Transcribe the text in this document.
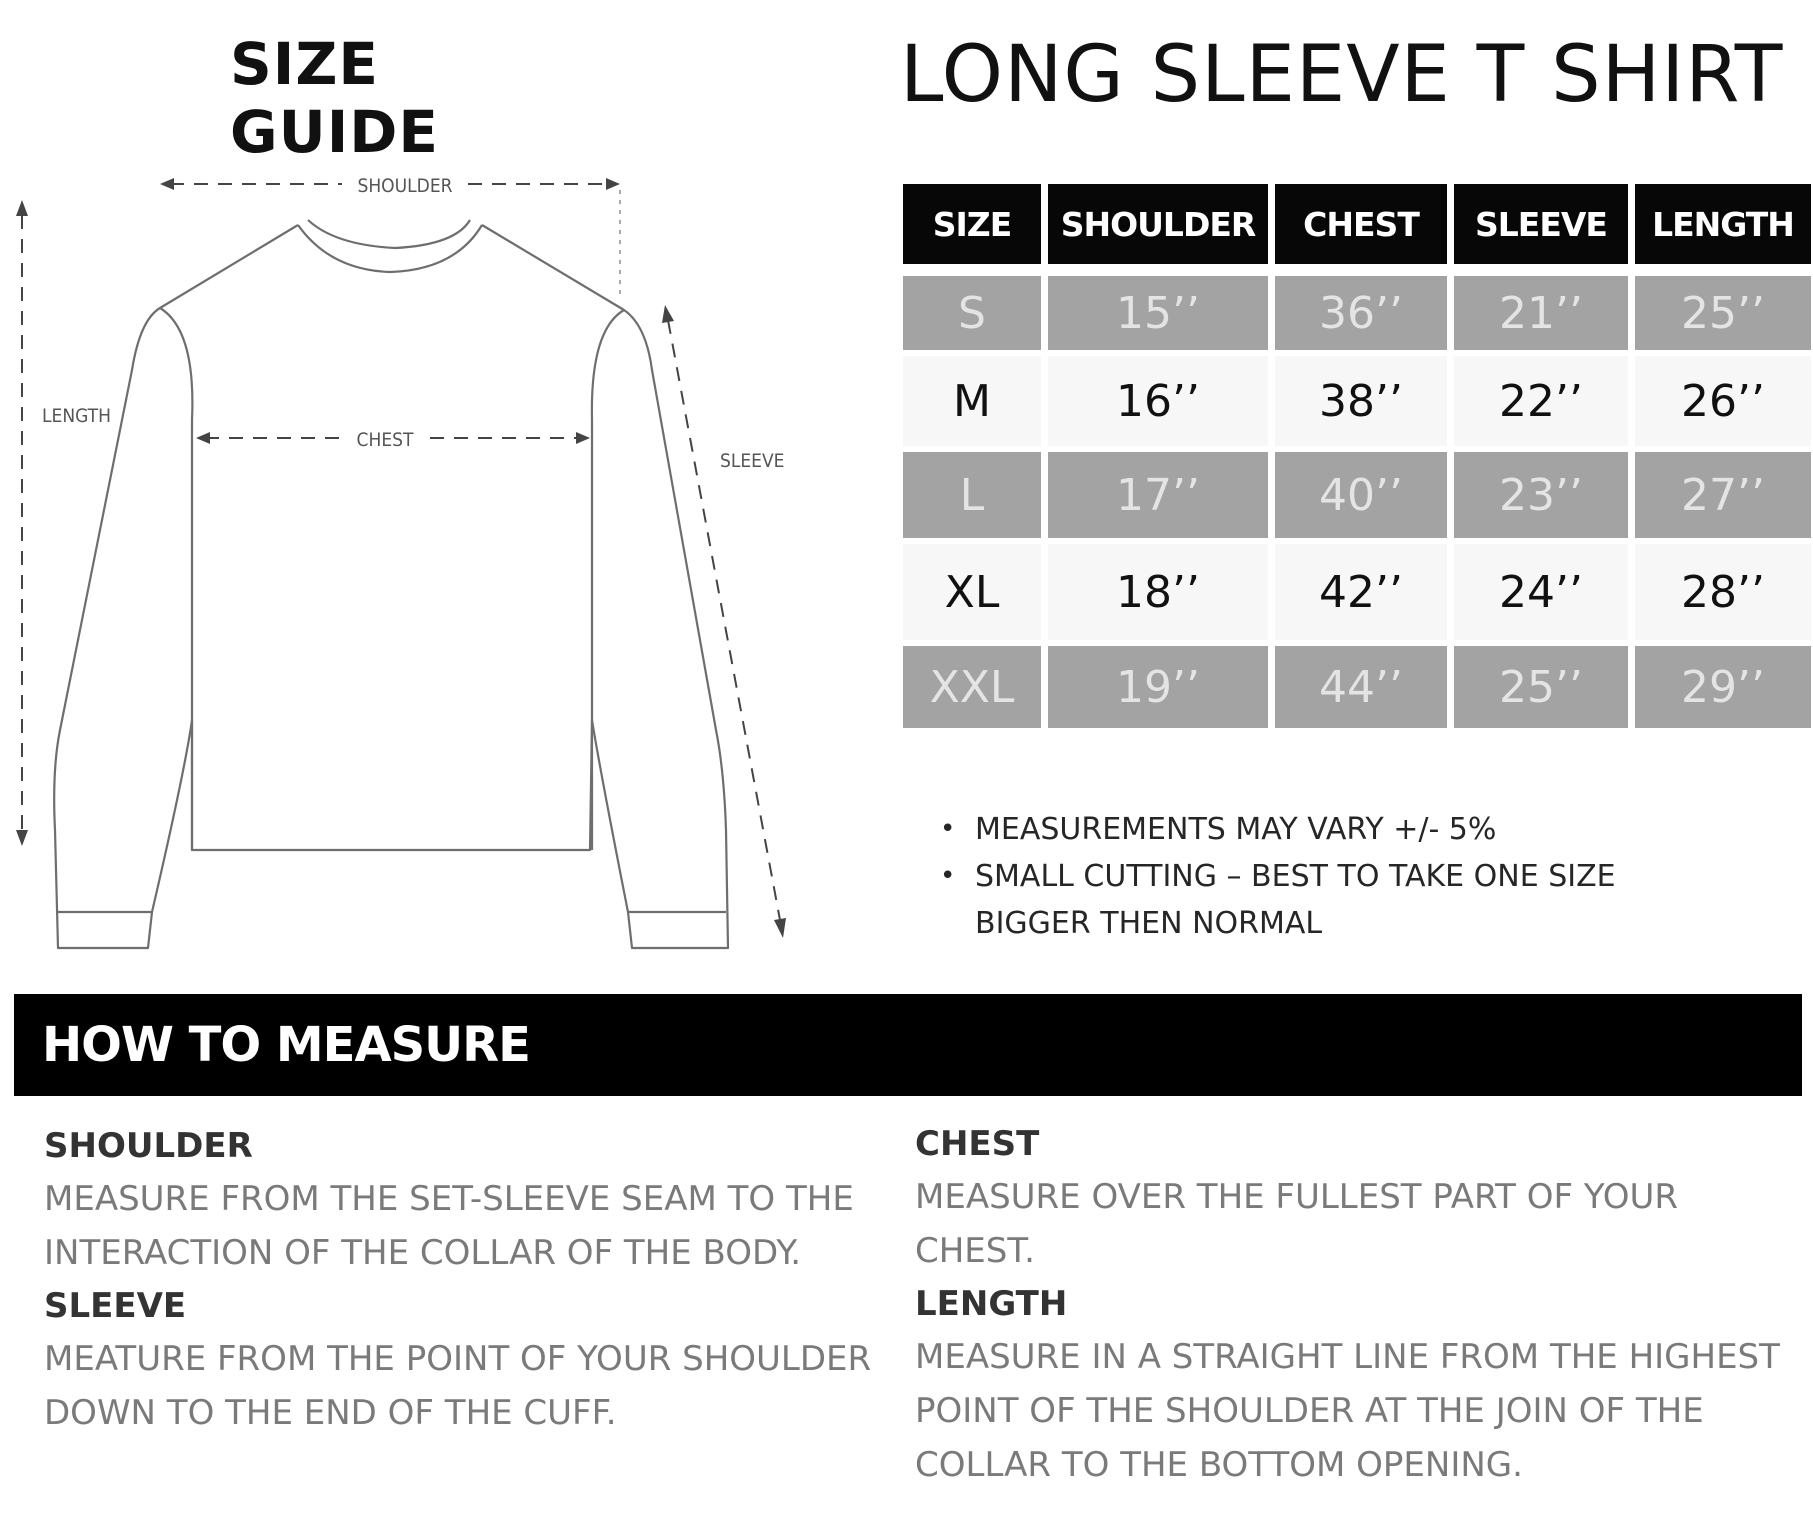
SIZE GUIDE
LONG SLEEVE T SHIRT
SHOULDER
CHEST
LENGTH
SLEEVE
SIZE	SHOULDER	CHEST	SLEEVE	LENGTH
S	15’’	36’’	21’’	25’’
M	16’’	38’’	22’’	26’’
L	17’’	40’’	23’’	27’’
XL	18’’	42’’	24’’	28’’
XXL	19’’	44’’	25’’	29’’
• MEASUREMENTS MAY VARY +/- 5%
• SMALL CUTTING – BEST TO TAKE ONE SIZE BIGGER THEN NORMAL
HOW TO MEASURE
SHOULDER
MEASURE FROM THE SET-SLEEVE SEAM TO THE INTERACTION OF THE COLLAR OF THE BODY.
SLEEVE
MEATURE FROM THE POINT OF YOUR SHOULDER DOWN TO THE END OF THE CUFF.
CHEST
MEASURE OVER THE FULLEST PART OF YOUR CHEST.
LENGTH
MEASURE IN A STRAIGHT LINE FROM THE HIGHEST POINT OF THE SHOULDER AT THE JOIN OF THE COLLAR TO THE BOTTOM OPENING.
